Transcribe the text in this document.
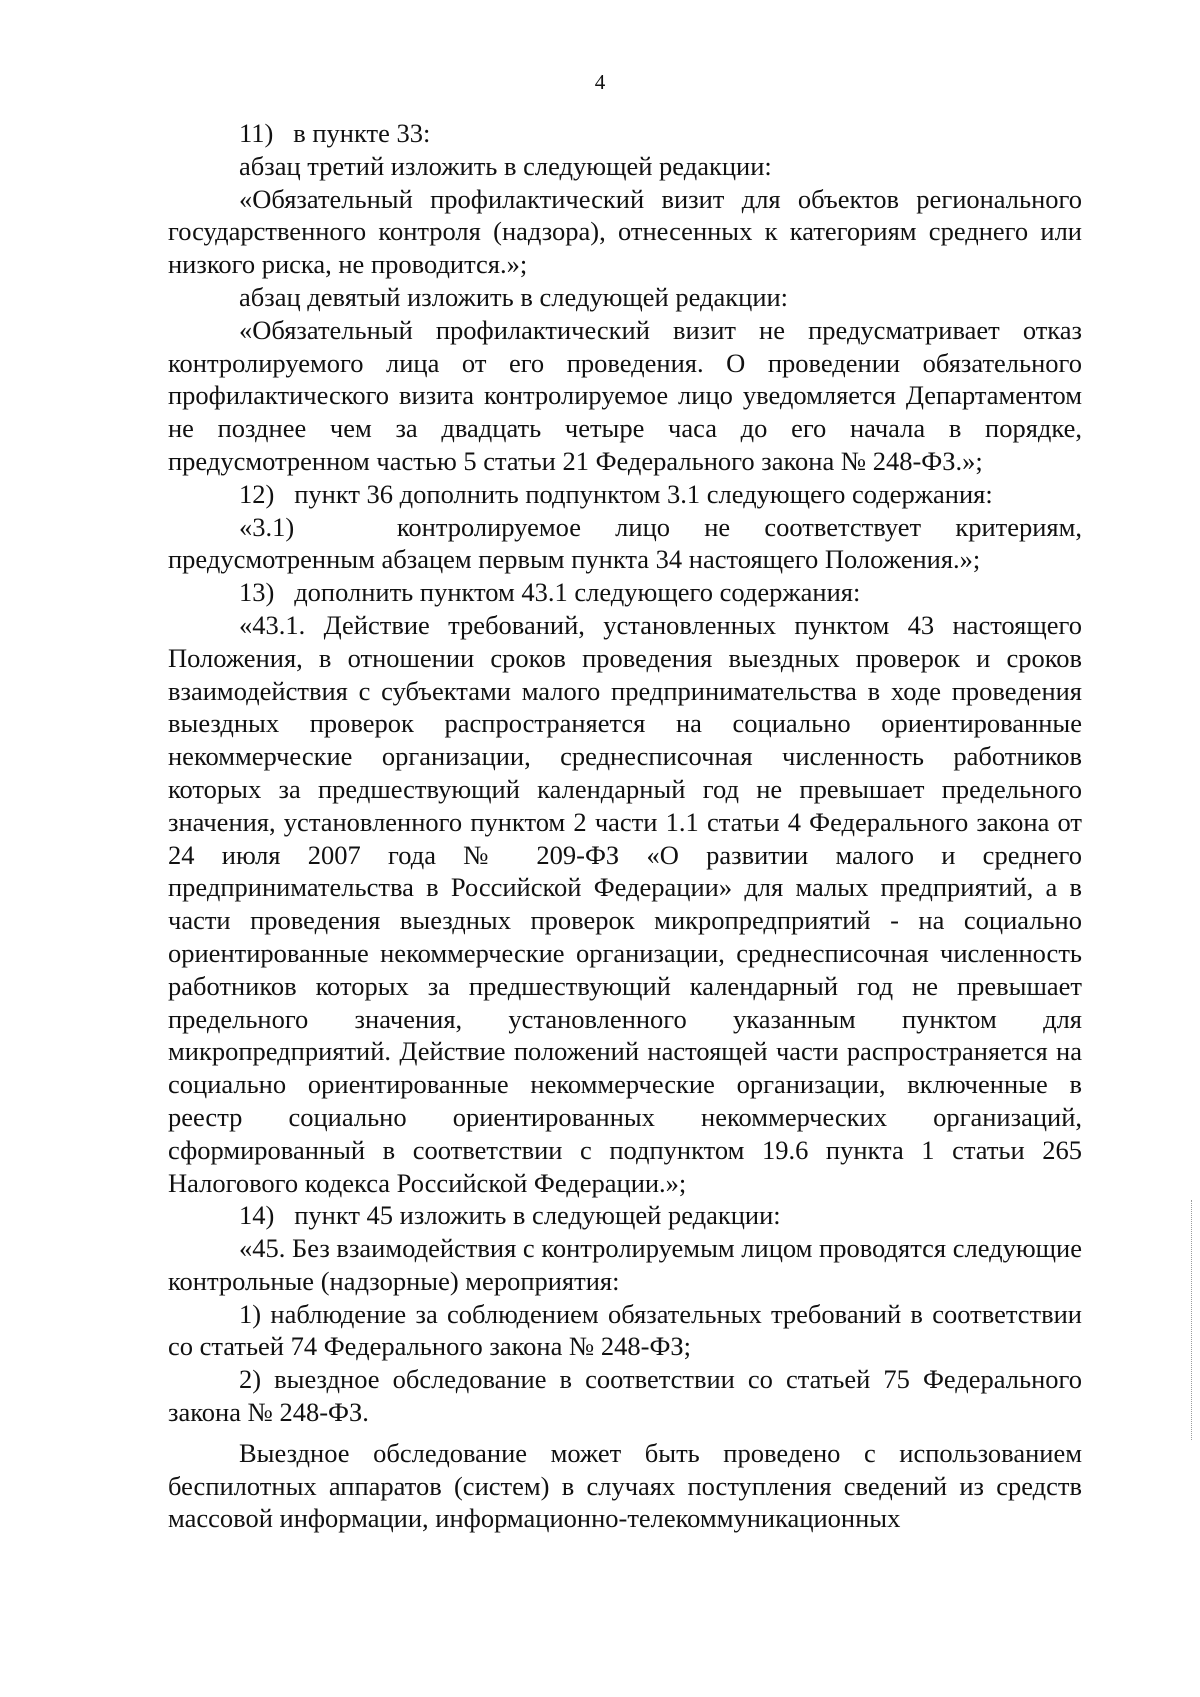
4

11)   в пункте 33:

абзац третий изложить в следующей редакции:

«Обязательный профилактический визит для объектов регионального государственного контроля (надзора), отнесенных к категориям среднего или низкого риска, не проводится.»;

абзац девятый изложить в следующей редакции:

«Обязательный профилактический визит не предусматривает отказ контролируемого лица от его проведения. О проведении обязательного профилактического визита контролируемое лицо уведомляется Департаментом не позднее чем за двадцать четыре часа до его начала в порядке, предусмотренном частью 5 статьи 21 Федерального закона № 248-ФЗ.»;

12)   пункт 36 дополнить подпунктом 3.1 следующего содержания:

«3.1)   контролируемое лицо не соответствует критериям, предусмотренным абзацем первым пункта 34 настоящего Положения.»;

13)   дополнить пунктом 43.1 следующего содержания:

«43.1. Действие требований, установленных пунктом 43 настоящего Положения, в отношении сроков проведения выездных проверок и сроков взаимодействия с субъектами малого предпринимательства в ходе проведения выездных проверок распространяется на социально ориентированные некоммерческие организации, среднесписочная численность работников которых за предшествующий календарный год не превышает предельного значения, установленного пунктом 2 части 1.1 статьи 4 Федерального закона от 24 июля 2007 года № 209-ФЗ «О развитии малого и среднего предпринимательства в Российской Федерации» для малых предприятий, а в части проведения выездных проверок микропредприятий - на социально ориентированные некоммерческие организации, среднесписочная численность работников которых за предшествующий календарный год не превышает предельного значения, установленного указанным пунктом для микропредприятий. Действие положений настоящей части распространяется на социально ориентированные некоммерческие организации, включенные в реестр социально ориентированных некоммерческих организаций, сформированный в соответствии с подпунктом 19.6 пункта 1 статьи 265 Налогового кодекса Российской Федерации.»;

14)   пункт 45 изложить в следующей редакции:

«45. Без взаимодействия с контролируемым лицом проводятся следующие контрольные (надзорные) мероприятия:

1) наблюдение за соблюдением обязательных требований в соответствии со статьей 74 Федерального закона № 248-ФЗ;

2) выездное обследование в соответствии со статьей 75 Федерального закона № 248-ФЗ.

Выездное обследование может быть проведено с использованием беспилотных аппаратов (систем) в случаях поступления сведений из средств массовой информации, информационно-телекоммуникационных
